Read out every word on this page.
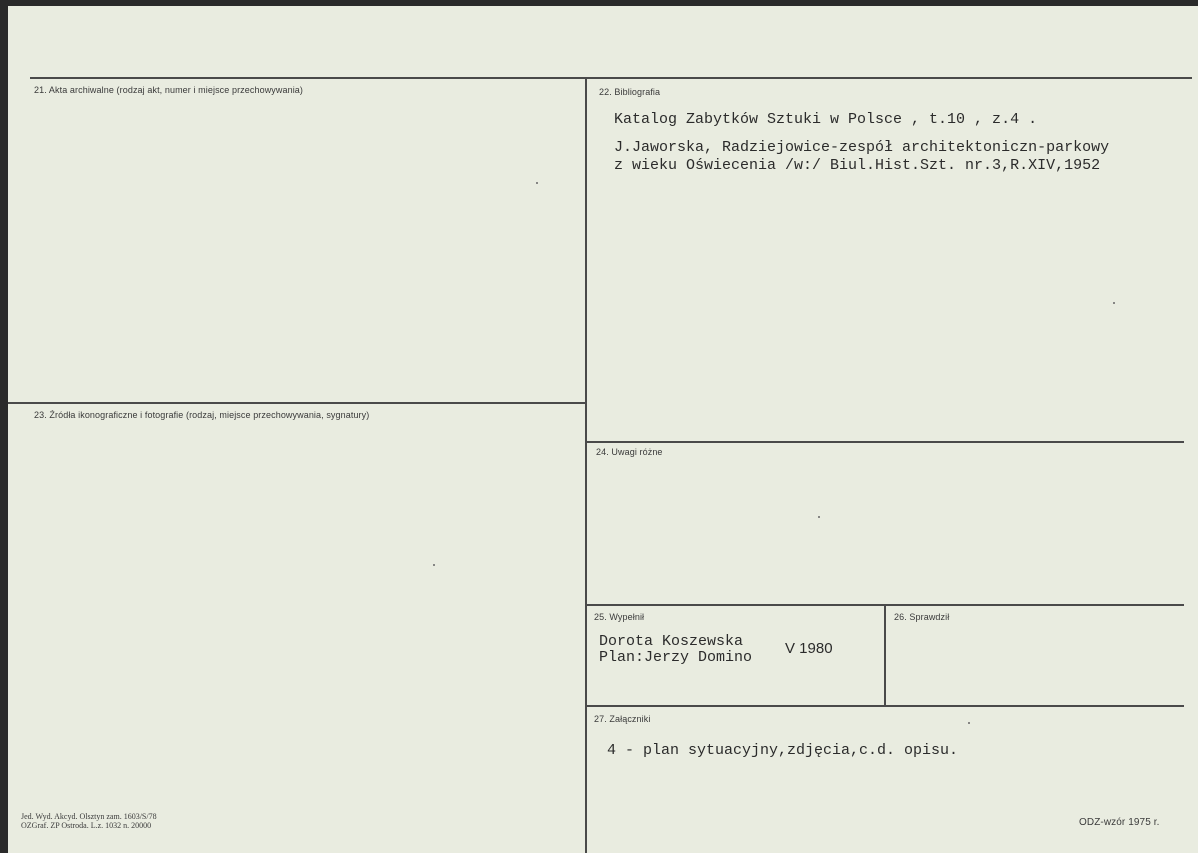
21. Akta archiwalne (rodzaj akt, numer i miejsce przechowywania)	22. Bibliografia
Katalog Zabytków Sztuki w Polsce , t.10 , z.4 .
J.Jaworska, Radziejowice-zespół architektoniczn-parkowy
z wieku Oświecenia /w:/ Biul.Hist.Szt. nr.3,R.XIV,1952
23. Źródła ikonograficzne i fotografie (rodzaj, miejsce przechowywania, sygnatury)
24. Uwagi różne
25. Wypełnił
Dorota Koszewska
Plan:Jerzy Domino
V 1980
26. Sprawdził
27. Załączniki
4 - plan sytuacyjny,zdjęcia,c.d. opisu.
Jed. Wyd. Akcyd. Olsztyn zam. 1603/S/78
OZGraf. ZP Ostroda. L.z. 1032 n. 20000	ODZ-wzór 1975 r.
